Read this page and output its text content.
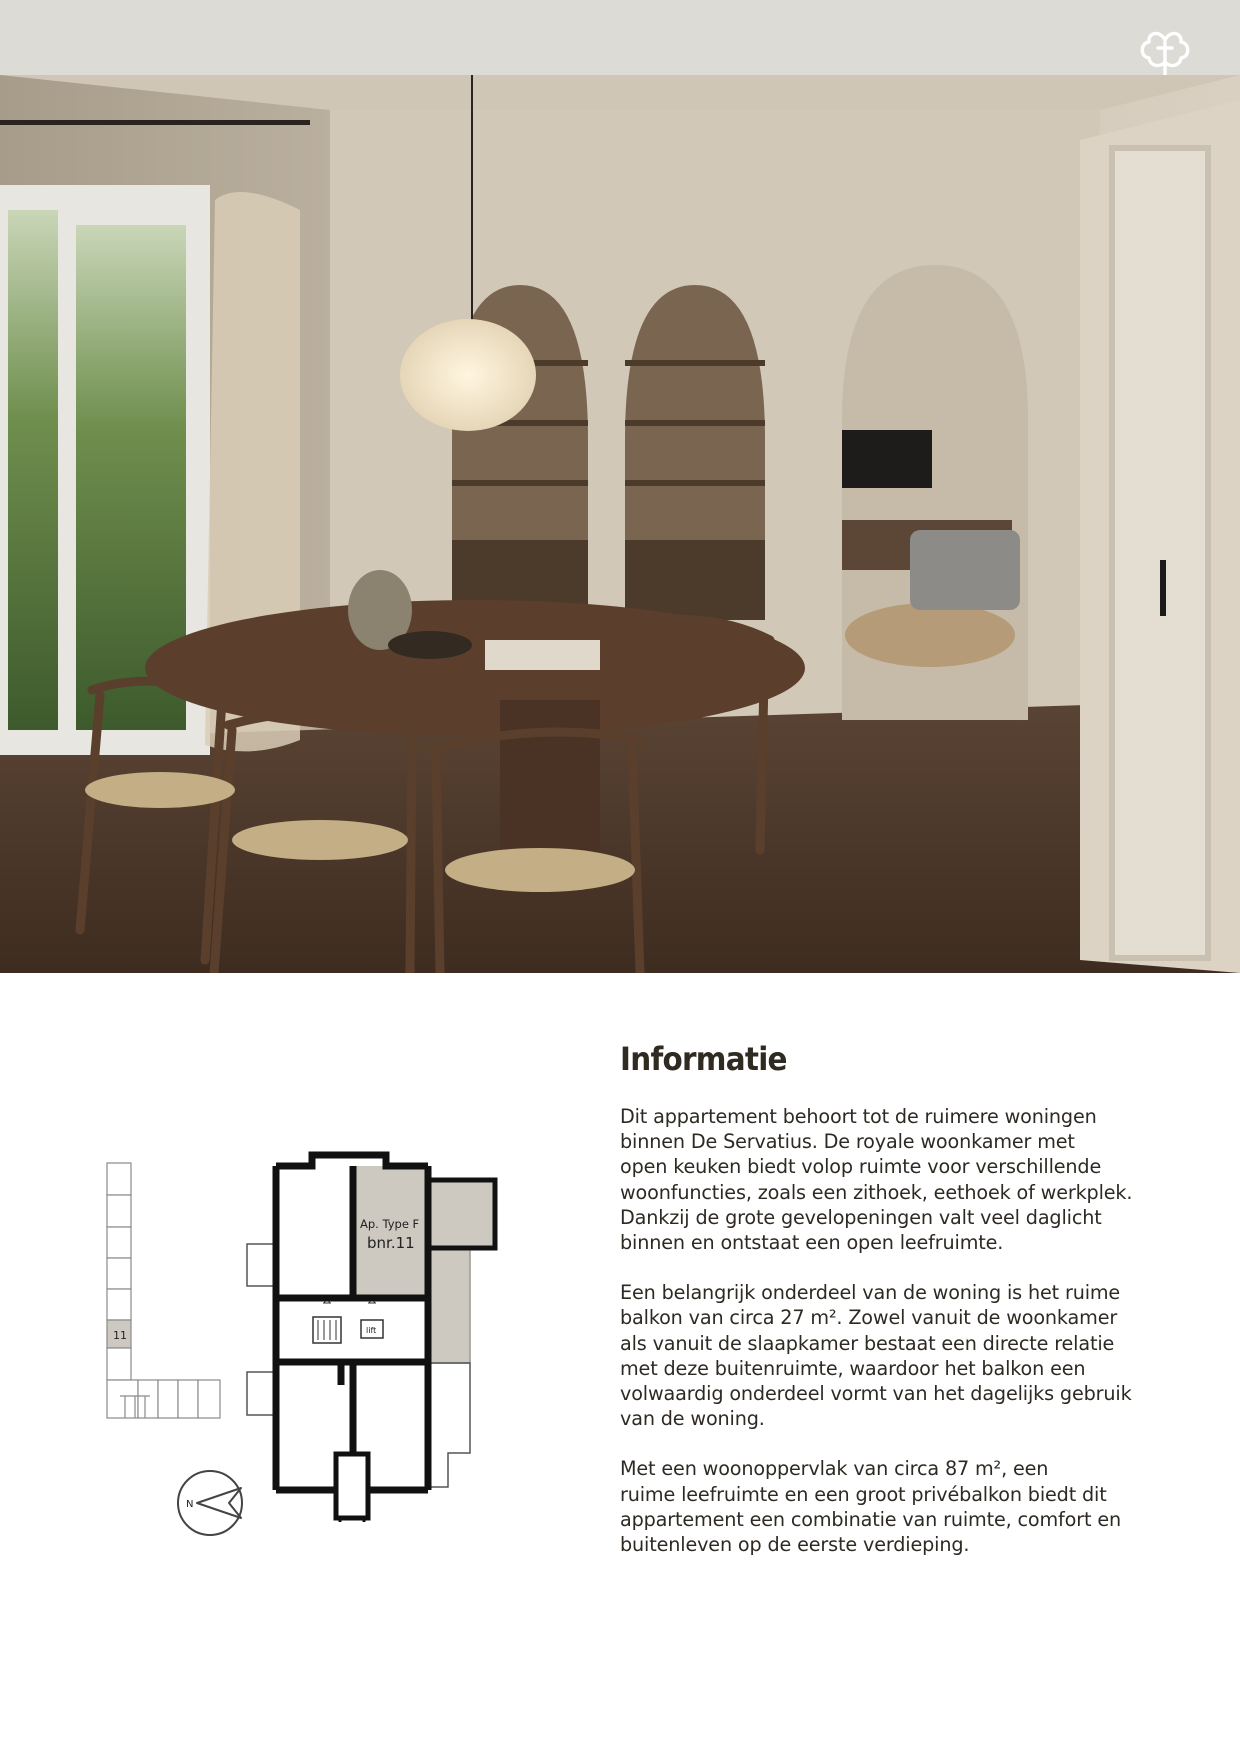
Informatie

Dit appartement behoort tot de ruimere woningen
binnen De Servatius. De royale woonkamer met
open keuken biedt volop ruimte voor verschillende
woonfuncties, zoals een zithoek, eethoek of werkplek.
Dankzij de grote gevelopeningen valt veel daglicht
binnen en ontstaat een open leefruimte.

Een belangrijk onderdeel van de woning is het ruime
balkon van circa 27 m². Zowel vanuit de woonkamer
als vanuit de slaapkamer bestaat een directe relatie
met deze buitenruimte, waardoor het balkon een
volwaardig onderdeel vormt van het dagelijks gebruik
van de woning.

Met een woonoppervlak van circa 87 m², een
ruime leefruimte en een groot privébalkon biedt dit
appartement een combinatie van ruimte, comfort en
buitenleven op de eerste verdieping.

11	lift
Ap. Type F
bnr.11
N
